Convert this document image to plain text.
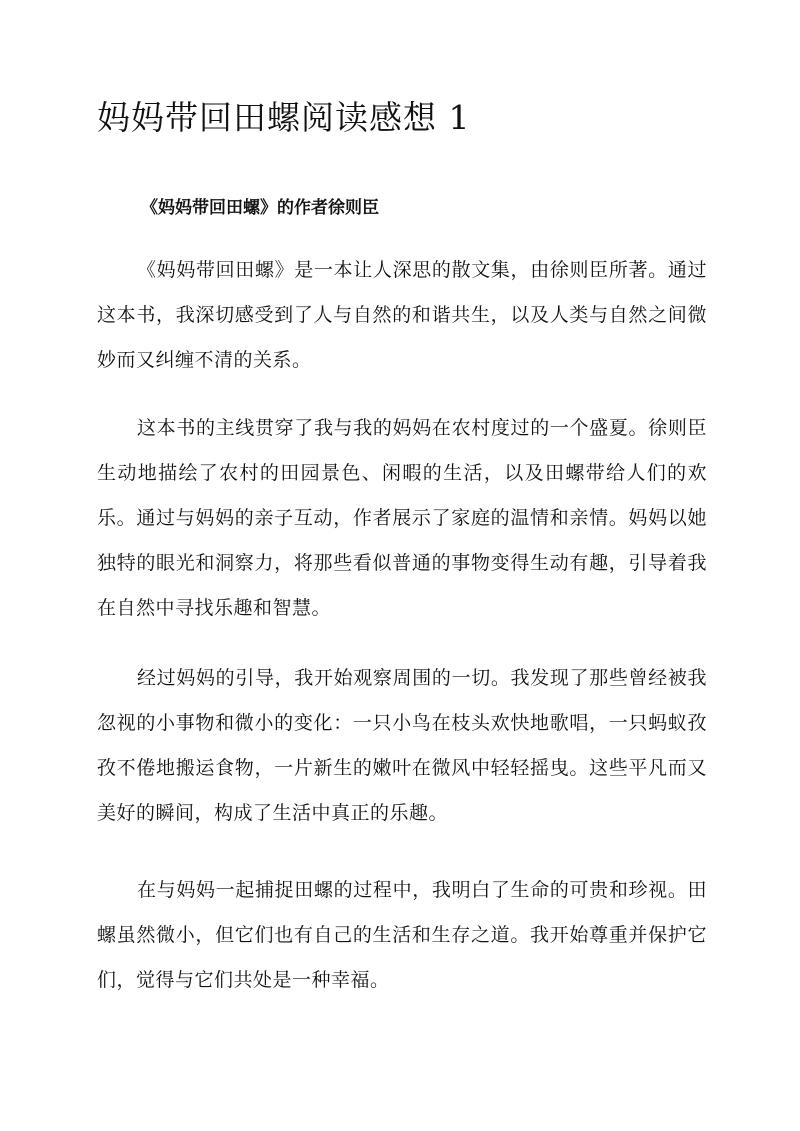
妈妈带回田螺阅读感想 1
《妈妈带回田螺》的作者徐则臣

《妈妈带回田螺》是一本让人深思的散文集，由徐则臣所著。通过这本书，我深切感受到了人与自然的和谐共生，以及人类与自然之间微妙而又纠缠不清的关系。

这本书的主线贯穿了我与我的妈妈在农村度过的一个盛夏。徐则臣生动地描绘了农村的田园景色、闲暇的生活，以及田螺带给人们的欢乐。通过与妈妈的亲子互动，作者展示了家庭的温情和亲情。妈妈以她独特的眼光和洞察力，将那些看似普通的事物变得生动有趣，引导着我在自然中寻找乐趣和智慧。

经过妈妈的引导，我开始观察周围的一切。我发现了那些曾经被我忽视的小事物和微小的变化：一只小鸟在枝头欢快地歌唱，一只蚂蚁孜孜不倦地搬运食物，一片新生的嫩叶在微风中轻轻摇曳。这些平凡而又美好的瞬间，构成了生活中真正的乐趣。

在与妈妈一起捕捉田螺的过程中，我明白了生命的可贵和珍视。田螺虽然微小，但它们也有自己的生活和生存之道。我开始尊重并保护它们，觉得与它们共处是一种幸福。
